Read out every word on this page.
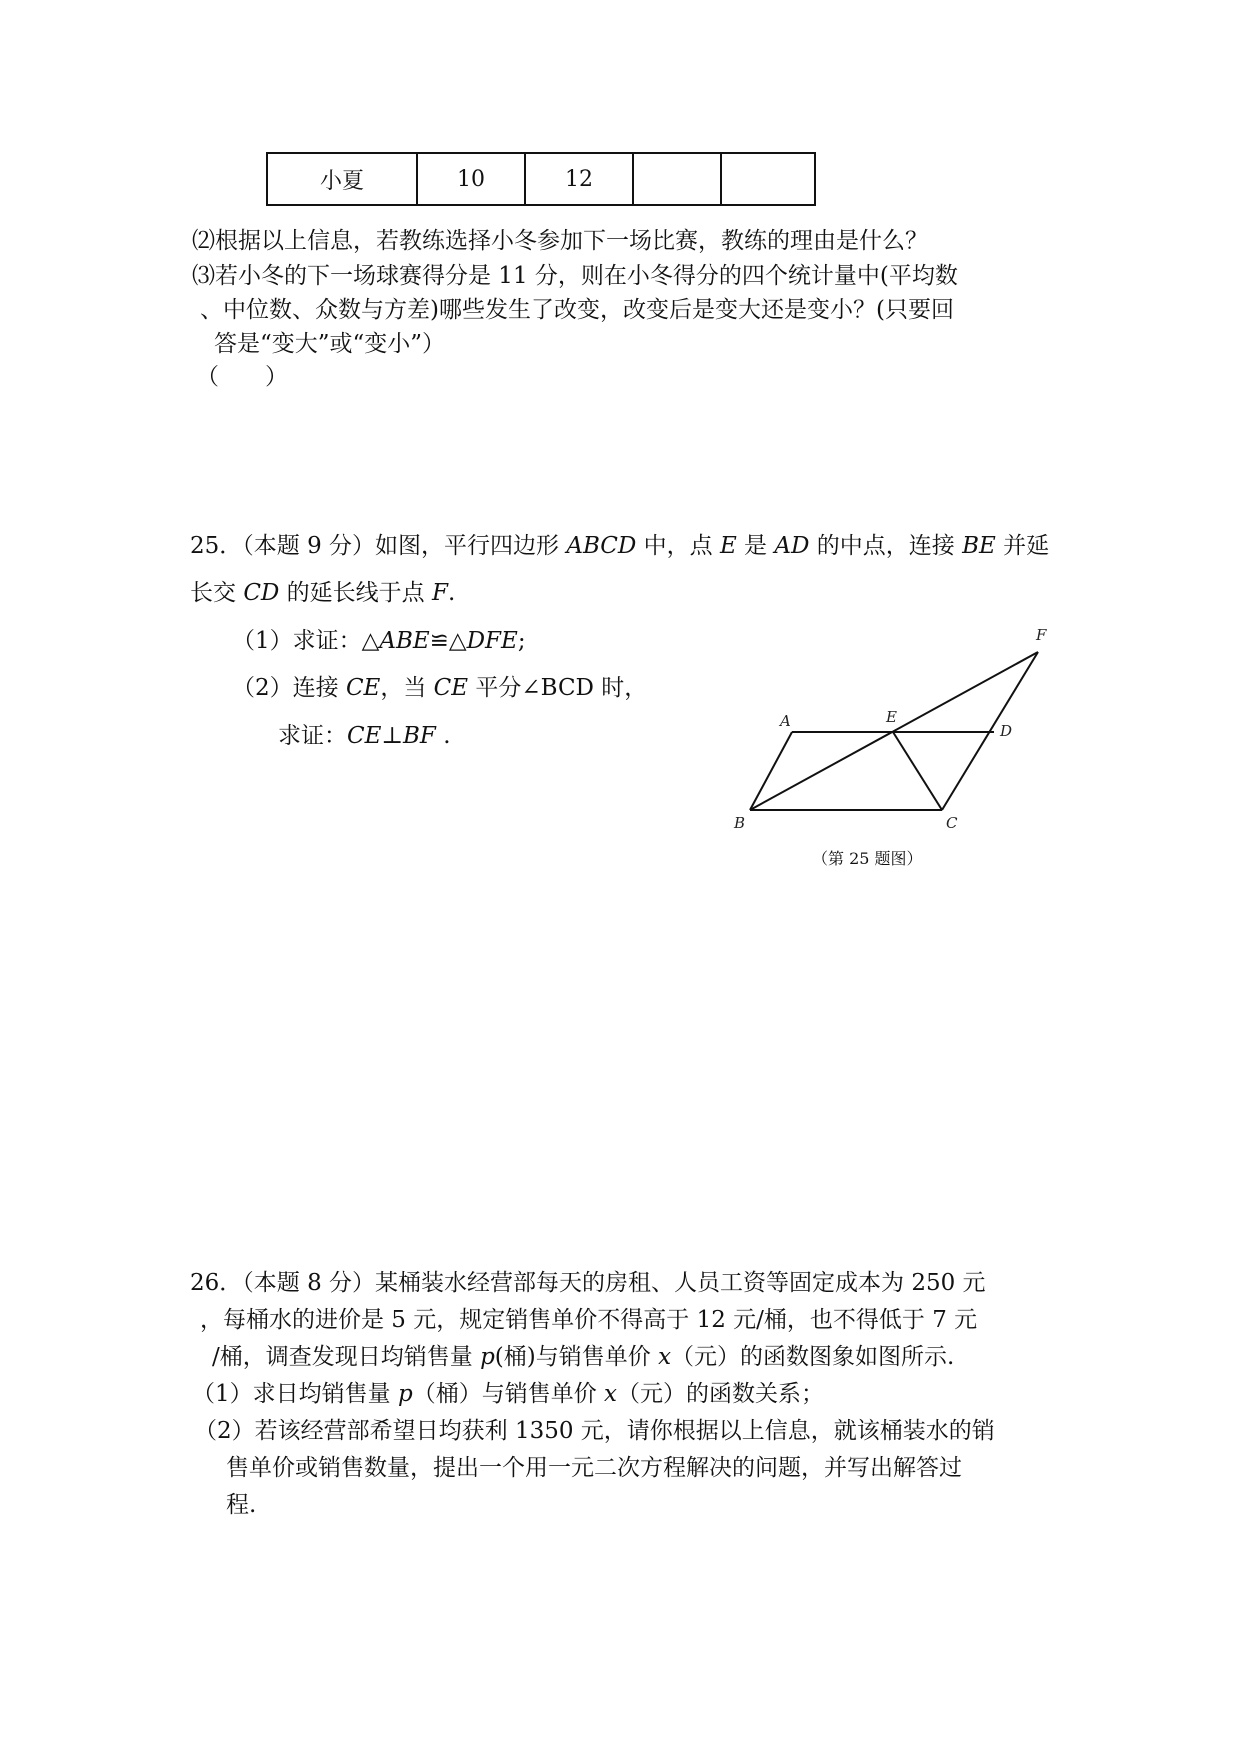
小夏	10	12		
⑵根据以上信息，若教练选择小冬参加下一场比赛，教练的理由是什么？
⑶若小冬的下一场球赛得分是 11 分，则在小冬得分的四个统计量中(平均数
、中位数、众数与方差)哪些发生了改变，改变后是变大还是变小？(只要回
答是“变大”或“变小”）
（　　）
25．（本题 9 分）如图，平行四边形 ABCD 中，点 E 是 AD 的中点，连接 BE 并延
长交 CD 的延长线于点 F.
（1）求证：△ABE≌△DFE;
（2）连接 CE，当 CE 平分∠BCD 时，
求证：CE⊥BF .
A	E
D
F
B	C
（第 25 题图）
26．（本题 8 分）某桶装水经营部每天的房租、人员工资等固定成本为 250 元
，每桶水的进价是 5 元，规定销售单价不得高于 12 元/桶，也不得低于 7 元
/桶，调查发现日均销售量 p(桶)与销售单价 x（元）的函数图象如图所示.
（1）求日均销售量 p（桶）与销售单价 x（元）的函数关系；
（2）若该经营部希望日均获利 1350 元，请你根据以上信息，就该桶装水的销
售单价或销售数量，提出一个用一元二次方程解决的问题，并写出解答过
程.
